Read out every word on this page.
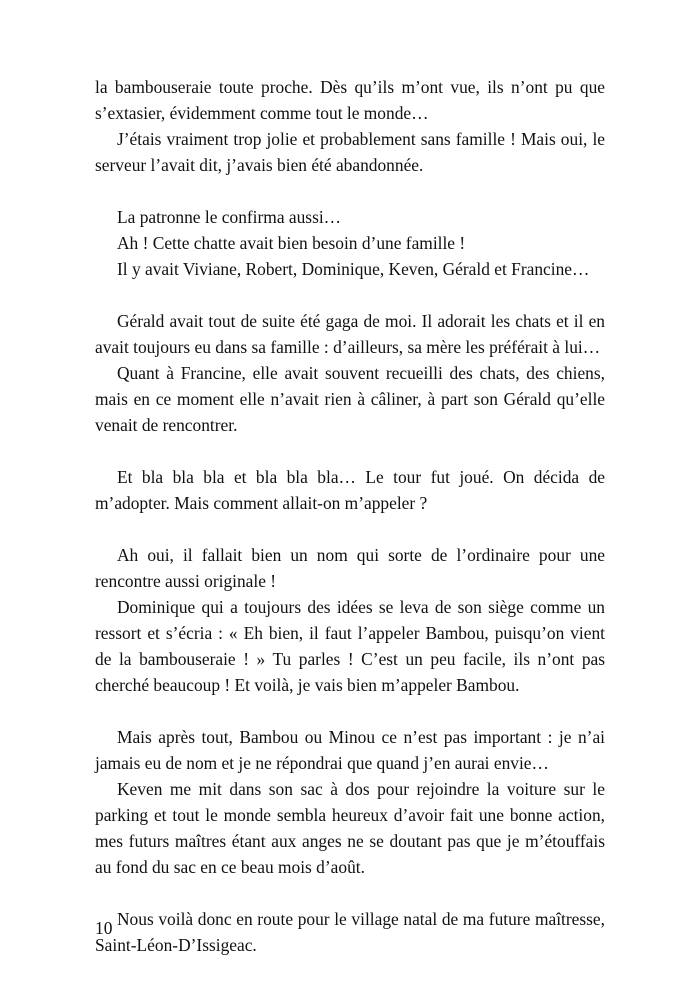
la bambouseraie toute proche. Dès qu’ils m’ont vue, ils n’ont pu que s’extasier, évidemment comme tout le monde…

J’étais vraiment trop jolie et probablement sans famille ! Mais oui, le serveur l’avait dit, j’avais bien été abandonnée.

La patronne le confirma aussi…

Ah ! Cette chatte avait bien besoin d’une famille !

Il y avait Viviane, Robert, Dominique, Keven, Gérald et Francine…

Gérald avait tout de suite été gaga de moi. Il adorait les chats et il en avait toujours eu dans sa famille : d’ailleurs, sa mère les préférait à lui…

Quant à Francine, elle avait souvent recueilli des chats, des chiens, mais en ce moment elle n’avait rien à câliner, à part son Gérald qu’elle venait de rencontrer.

Et bla bla bla et bla bla bla… Le tour fut joué. On décida de m’adopter. Mais comment allait-on m’appeler ?

Ah oui, il fallait bien un nom qui sorte de l’ordinaire pour une rencontre aussi originale !

Dominique qui a toujours des idées se leva de son siège comme un ressort et s’écria : « Eh bien, il faut l’appeler Bambou, puisqu’on vient de la bambouseraie ! » Tu parles ! C’est un peu facile, ils n’ont pas cherché beaucoup ! Et voilà, je vais bien m’appeler Bambou.

Mais après tout, Bambou ou Minou ce n’est pas important : je n’ai jamais eu de nom et je ne répondrai que quand j’en aurai envie…

Keven me mit dans son sac à dos pour rejoindre la voiture sur le parking et tout le monde sembla heureux d’avoir fait une bonne action, mes futurs maîtres étant aux anges ne se doutant pas que je m’étouffais au fond du sac en ce beau mois d’août.

Nous voilà donc en route pour le village natal de ma future maîtresse, Saint-Léon-D’Issigeac.

10
